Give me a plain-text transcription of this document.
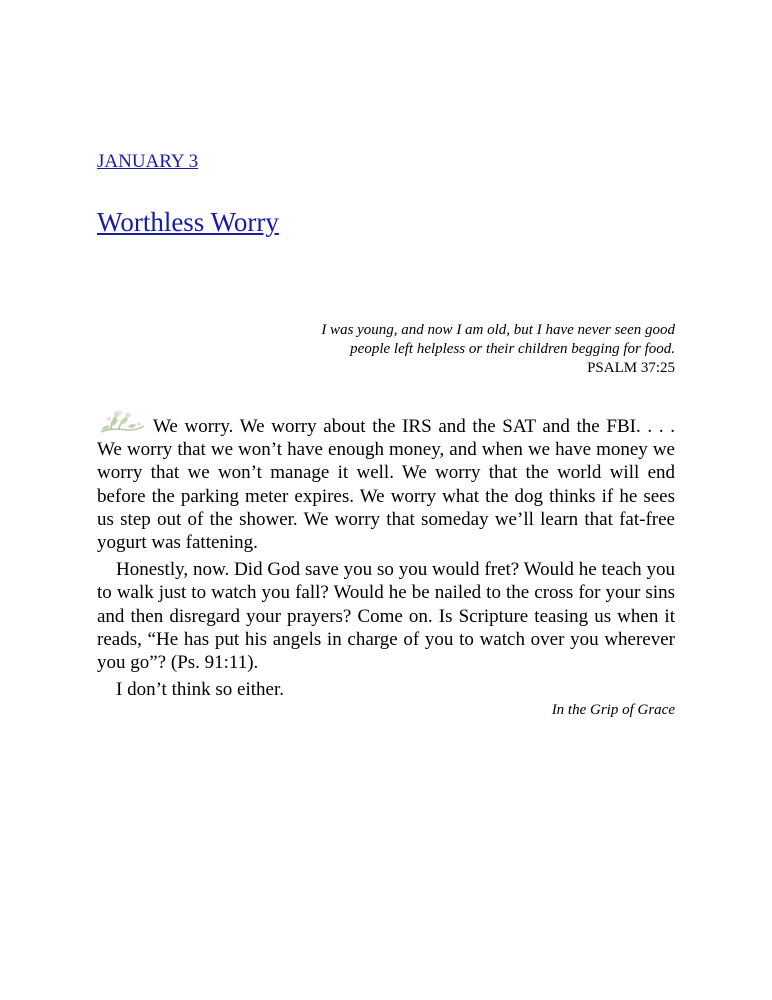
JANUARY 3
Worthless Worry
I was young, and now I am old, but I have never seen good
people left helpless or their children begging for food.
PSALM 37:25

We worry. We worry about the IRS and the SAT and the FBI. . . . We worry that we won’t have enough money, and when we have money we worry that we won’t manage it well. We worry that the world will end before the parking meter expires. We worry what the dog thinks if he sees us step out of the shower. We worry that someday we’ll learn that fat-free yogurt was fattening.

Honestly, now. Did God save you so you would fret? Would he teach you to walk just to watch you fall? Would he be nailed to the cross for your sins and then disregard your prayers? Come on. Is Scripture teasing us when it reads, “He has put his angels in charge of you to watch over you wherever you go”? (Ps. 91:11).

I don’t think so either.

In the Grip of Grace
